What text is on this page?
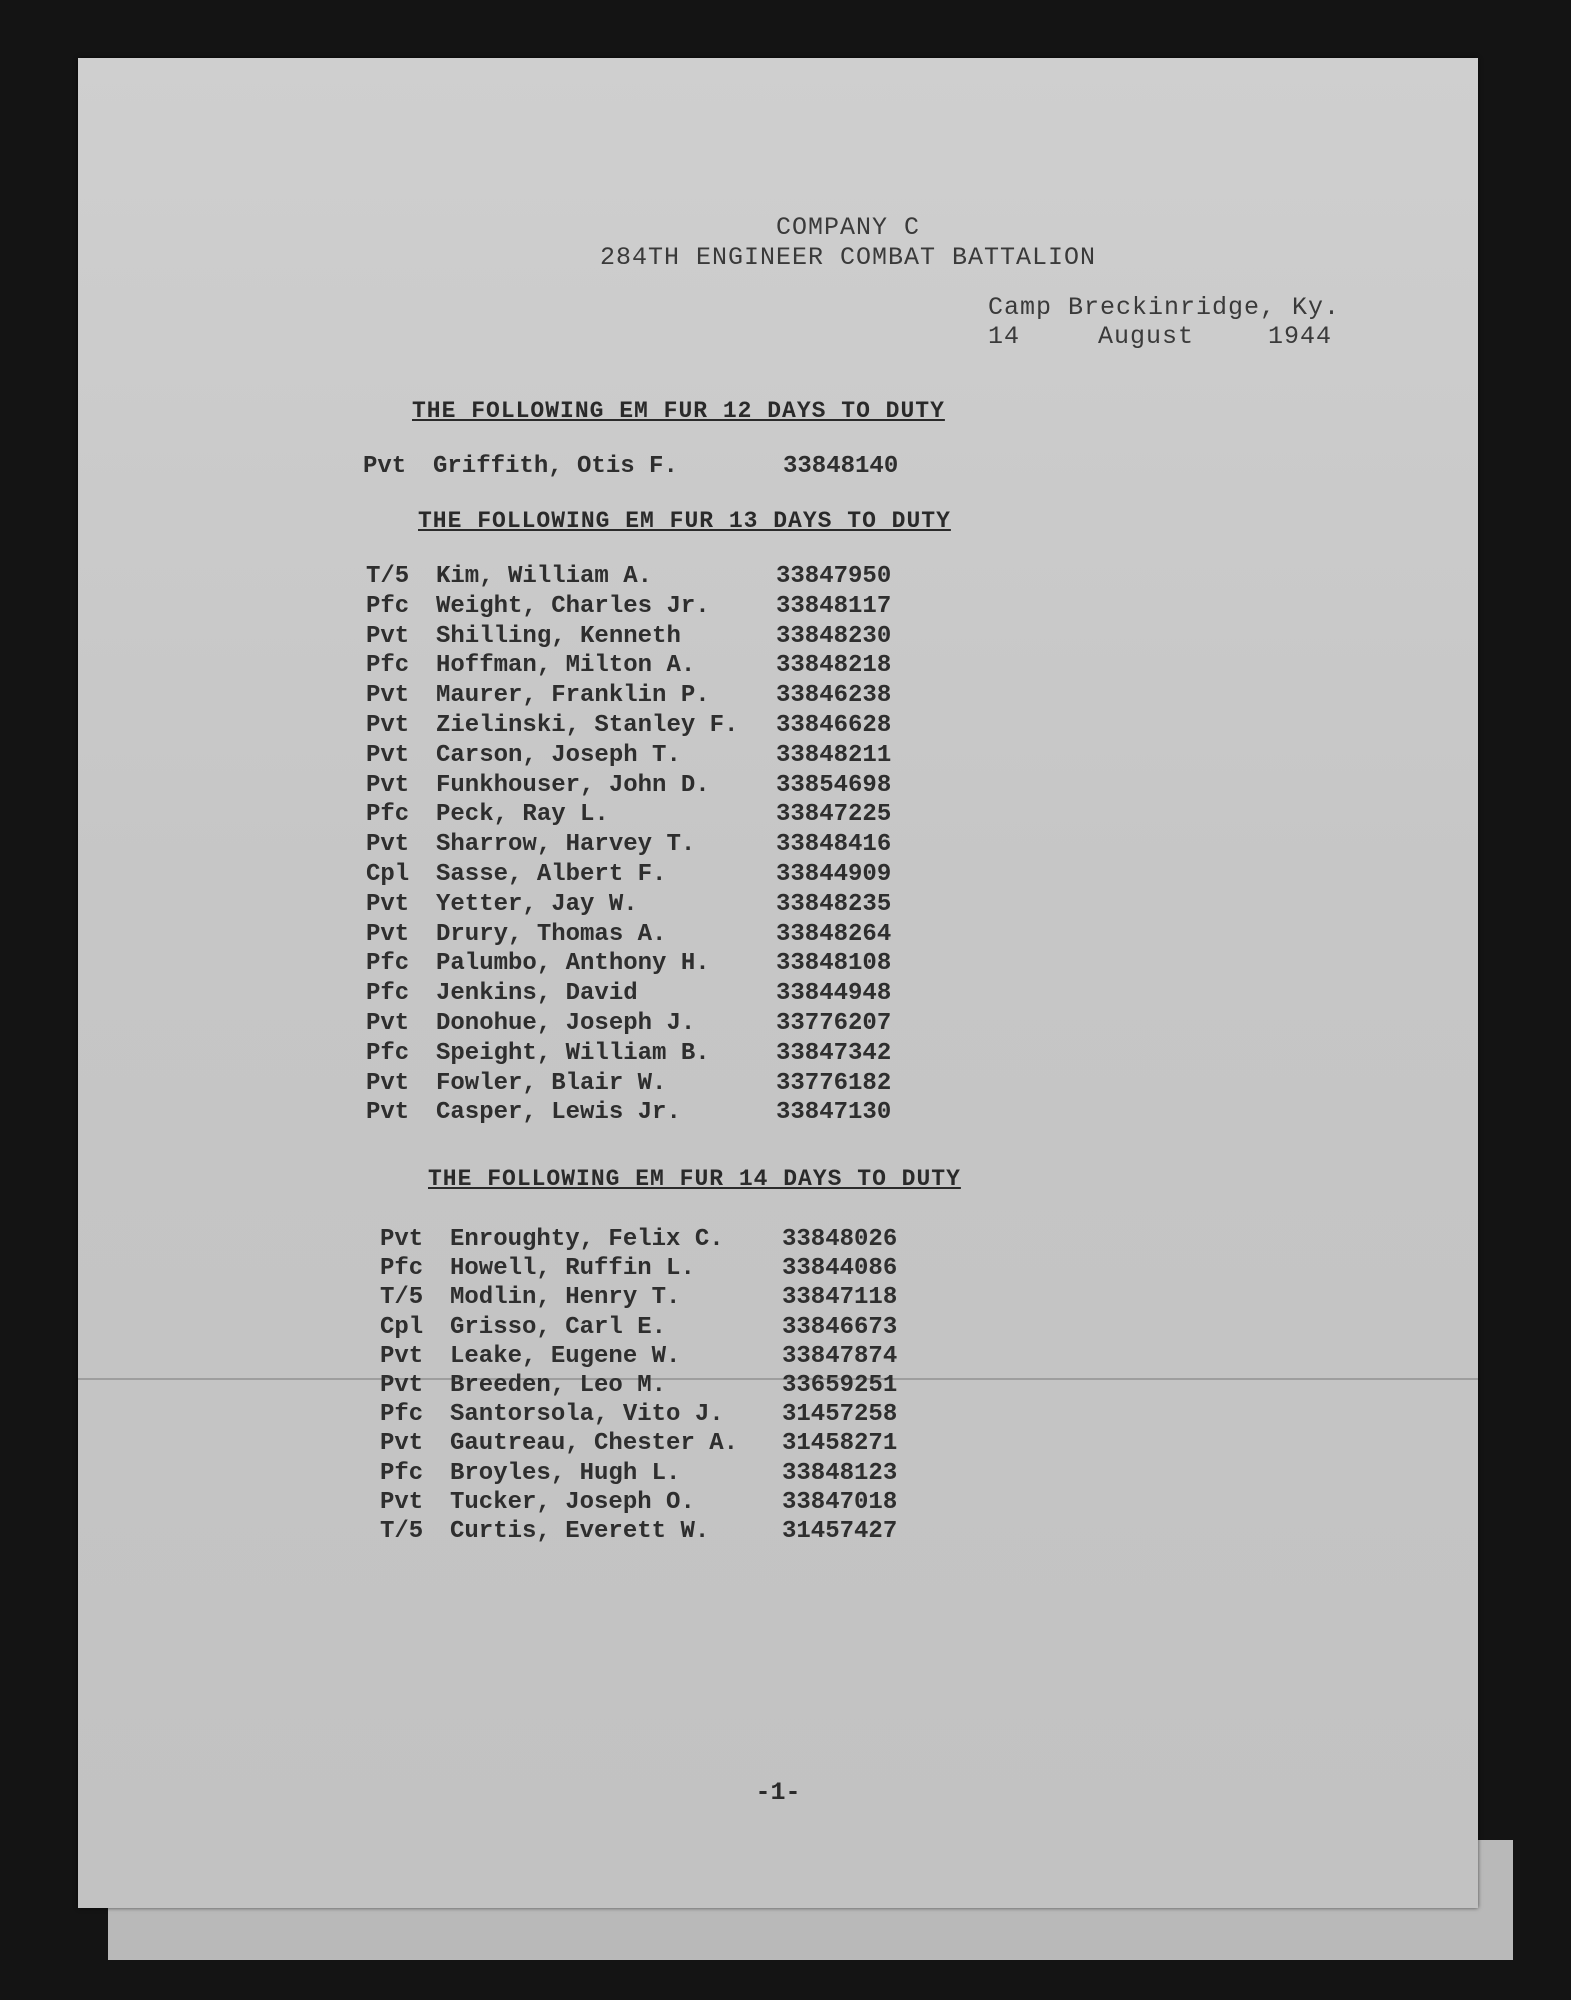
COMPANY C
284TH ENGINEER COMBAT BATTALION
Camp Breckinridge, Ky.
14	August	1944
THE FOLLOWING EM FUR 12 DAYS TO DUTY
Pvt Griffith, Otis F.	33848140
THE FOLLOWING EM FUR 13 DAYS TO DUTY
T/5 Kim, William A.	33847950
Pfc Weight, Charles Jr.	33848117
Pvt Shilling, Kenneth	33848230
Pfc Hoffman, Milton A.	33848218
Pvt Maurer, Franklin P.	33846238
Pvt Zielinski, Stanley F. 33846628
Pvt Carson, Joseph T.	33848211
Pvt Funkhouser, John D.	33854698
Pfc Peck, Ray L.	33847225
Pvt Sharrow, Harvey T.	33848416
Cpl Sasse, Albert F.	33844909
Pvt Yetter, Jay W.	33848235
Pvt Drury, Thomas A.	33848264
Pfc Palumbo, Anthony H.	33848108
Pfc Jenkins, David	33844948
Pvt Donohue, Joseph J.	33776207
Pfc Speight, William B.	33847342
Pvt Fowler, Blair W.	33776182
Pvt Casper, Lewis Jr.	33847130
THE FOLLOWING EM FUR 14 DAYS TO DUTY
Pvt Enroughty, Felix C. 33848026
Pfc Howell, Ruffin L.	33844086
T/5 Modlin, Henry T.	33847118
Cpl Grisso, Carl E.	33846673
Pvt Leake, Eugene W.	33847874
Pvt Breeden, Leo M.	33659251
Pfc Santorsola, Vito J. 31457258
Pvt Gautreau, Chester A. 31458271
Pfc Broyles, Hugh L.	33848123
Pvt Tucker, Joseph O.	33847018
T/5 Curtis, Everett W.	31457427
-1-
